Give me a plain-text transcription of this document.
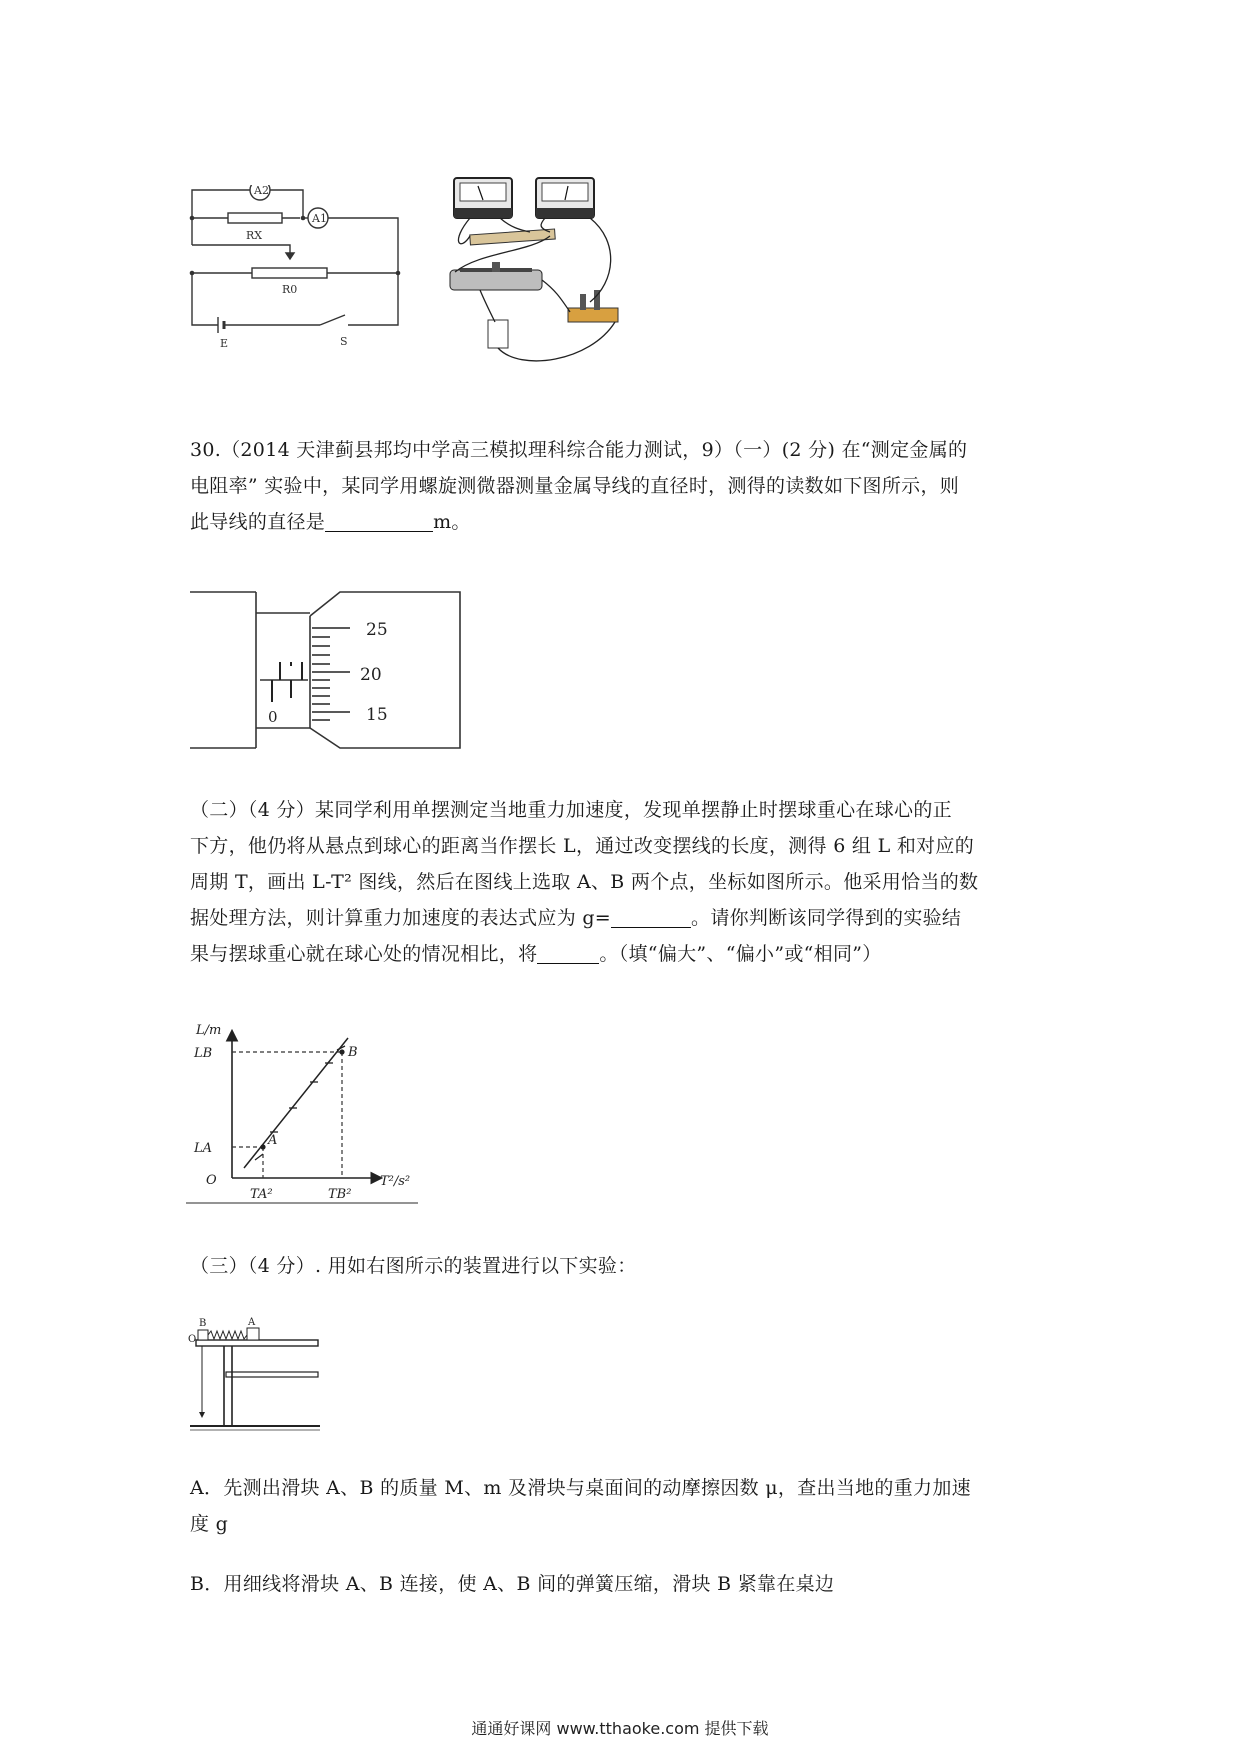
A2
A1
RX
R0
E	S
30.（2014 天津蓟县邦均中学高三模拟理科综合能力测试，9）（一）(2 分) 在“测定金属的
电阻率” 实验中，某同学用螺旋测微器测量金属导线的直径时，测得的读数如下图所示，则
此导线的直径是	m。
25
20
15
0
（二）（4 分）某同学利用单摆测定当地重力加速度，发现单摆静止时摆球重心在球心的正
下方，他仍将从悬点到球心的距离当作摆长 L，通过改变摆线的长度，测得 6 组 L 和对应的
周期 T，画出 L-T² 图线，然后在图线上选取 A、B 两个点，坐标如图所示。他采用恰当的数
据处理方法，则计算重力加速度的表达式应为 g=	。请你判断该同学得到的实验结
果与摆球重心就在球心处的情况相比，将	。（填“偏大”、“偏小”或“相同”）
L/m
T²/s²
O
LB
LA
TA²	TB²
A
B
（三）（4 分）. 用如右图所示的装置进行以下实验：
O
B	A
A．先测出滑块 A、B 的质量 M、m 及滑块与桌面间的动摩擦因数 μ，查出当地的重力加速
度 g
B．用细线将滑块 A、B 连接，使 A、B 间的弹簧压缩，滑块 B 紧靠在桌边
通通好课网 www.tthaoke.com 提供下载
